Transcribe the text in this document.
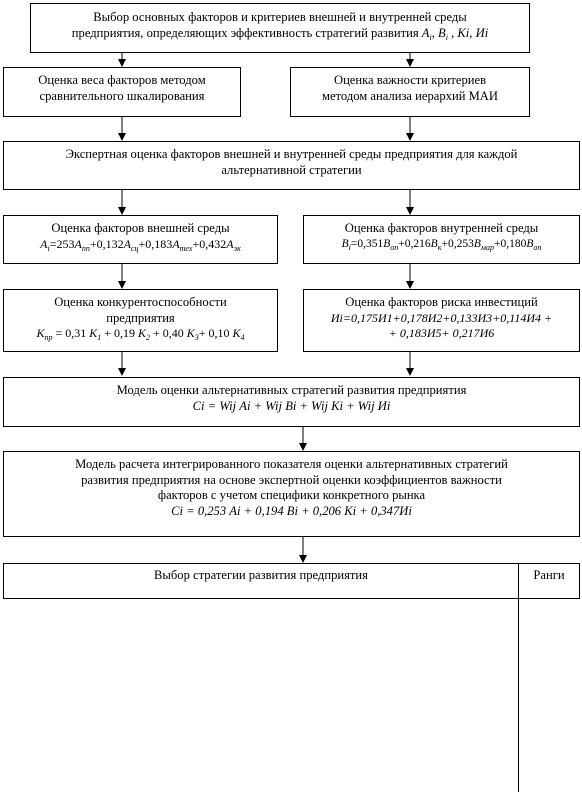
Выбор основных факторов и критериев внешней и внутренней среды
предприятия, определяющих эффективность стратегий развития $А_i$, $В_i$ , Ki, Иi
Оценка веса факторов методом
сравнительного шкалирования
Оценка важности критериев
методом анализа иерархий МАИ
Экспертная оценка факторов внешней и внутренней среды предприятия для каждой
альтернативной стратегии
Оценка факторов внешней среды
$А_i=253А_{пп}+0,132А_{сц}+0,183А_{тех}+0,432А_{эк}$
Оценка факторов внутренней среды
$В_i=0,351В_{оп}+0,216В_к+0,253В_{мар}+0,180В_{оп}$
Оценка конкурентоспособности
предприятия
$К_{пр} = 0,31$ $К_1 + 0,19$ $К_2 + 0,40$ $К_3+ 0,10$ $К_4$
Оценка факторов риска инвестиций
Иi=0,175И1+0,178И2+0,133И3+0,114И4 +
+ 0,183И5+ 0,217И6
Модель оценки альтернативных стратегий развития предприятия
Ci = Wij Аi + Wij Bi + Wij Ki + Wij Иi
Модель расчета интегрированного показателя оценки альтернативных стратегий
развития предприятия на основе экспертной оценки коэффициентов важности
факторов с учетом специфики конкретного рынка
Ci = 0,253 Аi + 0,194 Bi + 0,206 Ki + 0,347Иi
Выбор стратегии развития предприятия	Ранги
